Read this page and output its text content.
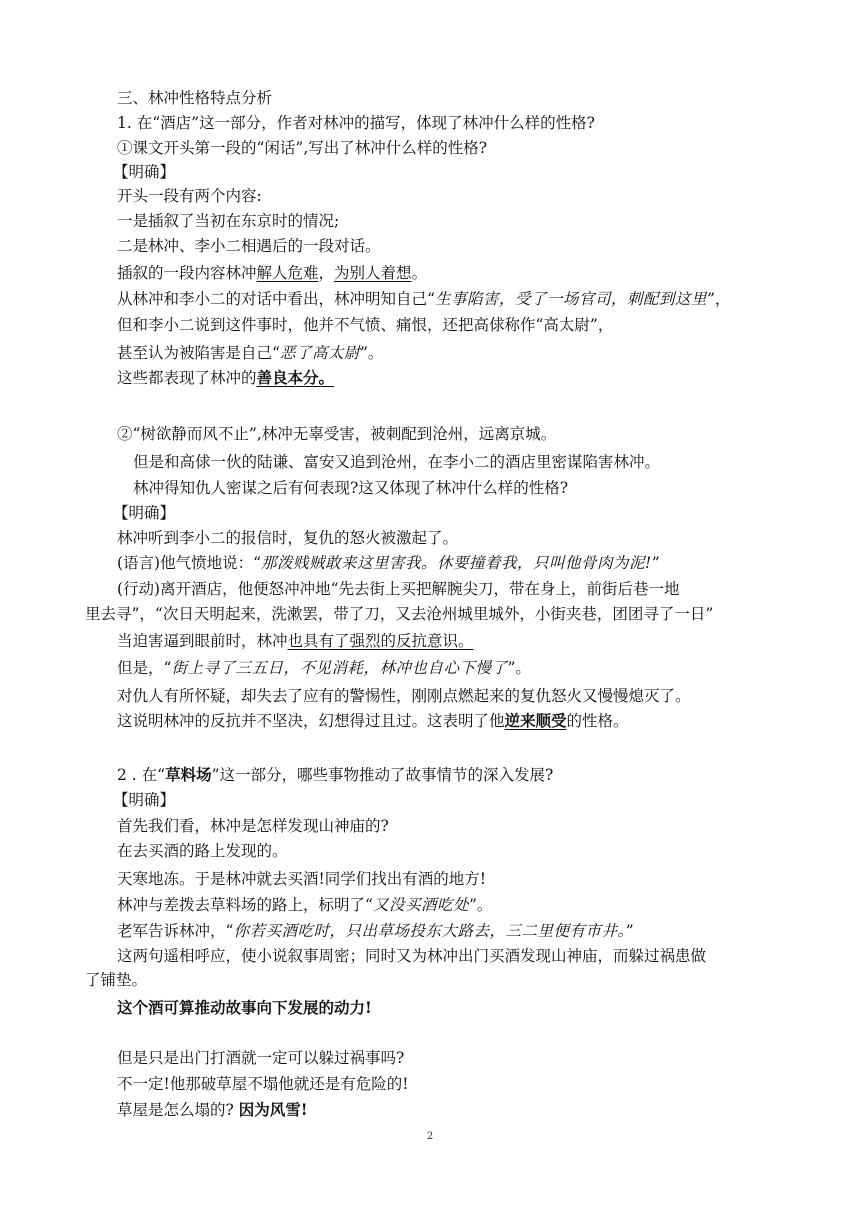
三、林冲性格特点分析
1. 在“酒店”这一部分，作者对林冲的描写，体现了林冲什么样的性格?
①课文开头第一段的“闲话”,写出了林冲什么样的性格?
【明确】
开头一段有两个内容:
一是插叙了当初在东京时的情况;
二是林冲、李小二相遇后的一段对话。
插叙的一段内容林冲解人危难，为别人着想。
从林冲和李小二的对话中看出，林冲明知自己“生事陷害，受了一场官司，刺配到这里”，
但和李小二说到这件事时，他并不气愤、痛恨，还把高俅称作“高太尉”，
甚至认为被陷害是自己“恶了高太尉”。
这些都表现了林冲的善良本分。
②“树欲静而风不止”,林冲无辜受害，被刺配到沧州，远离京城。
但是和高俅一伙的陆谦、富安又追到沧州，在李小二的酒店里密谋陷害林冲。
林冲得知仇人密谋之后有何表现?这又体现了林冲什么样的性格?
【明确】
林冲听到李小二的报信时，复仇的怒火被激起了。
(语言)他气愤地说：“那泼贱贼敢来这里害我。休要撞着我，只叫他骨肉为泥!”
(行动)离开酒店，他便怒冲冲地“先去街上买把解腕尖刀，带在身上，前街后巷一地
里去寻”，“次日天明起来，洗漱罢，带了刀，又去沧州城里城外，小街夹巷，团团寻了一日”
当迫害逼到眼前时，林冲也具有了强烈的反抗意识。
但是，“街上寻了三五日，不见消耗，林冲也自心下慢了”。
对仇人有所怀疑，却失去了应有的警惕性，刚刚点燃起来的复仇怒火又慢慢熄灭了。
这说明林冲的反抗并不坚决，幻想得过且过。这表明了他逆来顺受的性格。
2 . 在“草料场”这一部分，哪些事物推动了故事情节的深入发展?
【明确】
首先我们看，林冲是怎样发现山神庙的?
在去买酒的路上发现的。
天寒地冻。于是林冲就去买酒!同学们找出有酒的地方!
林冲与差拨去草料场的路上，标明了“又没买酒吃处”。
老军告诉林冲，“你若买酒吃时，只出草场投东大路去，三二里便有市井。”
这两句遥相呼应，使小说叙事周密；同时又为林冲出门买酒发现山神庙，而躲过祸患做
了铺垫。
这个酒可算推动故事向下发展的动力!
但是只是出门打酒就一定可以躲过祸事吗?
不一定!他那破草屋不塌他就还是有危险的!
草屋是怎么塌的? 因为风雪!
2
